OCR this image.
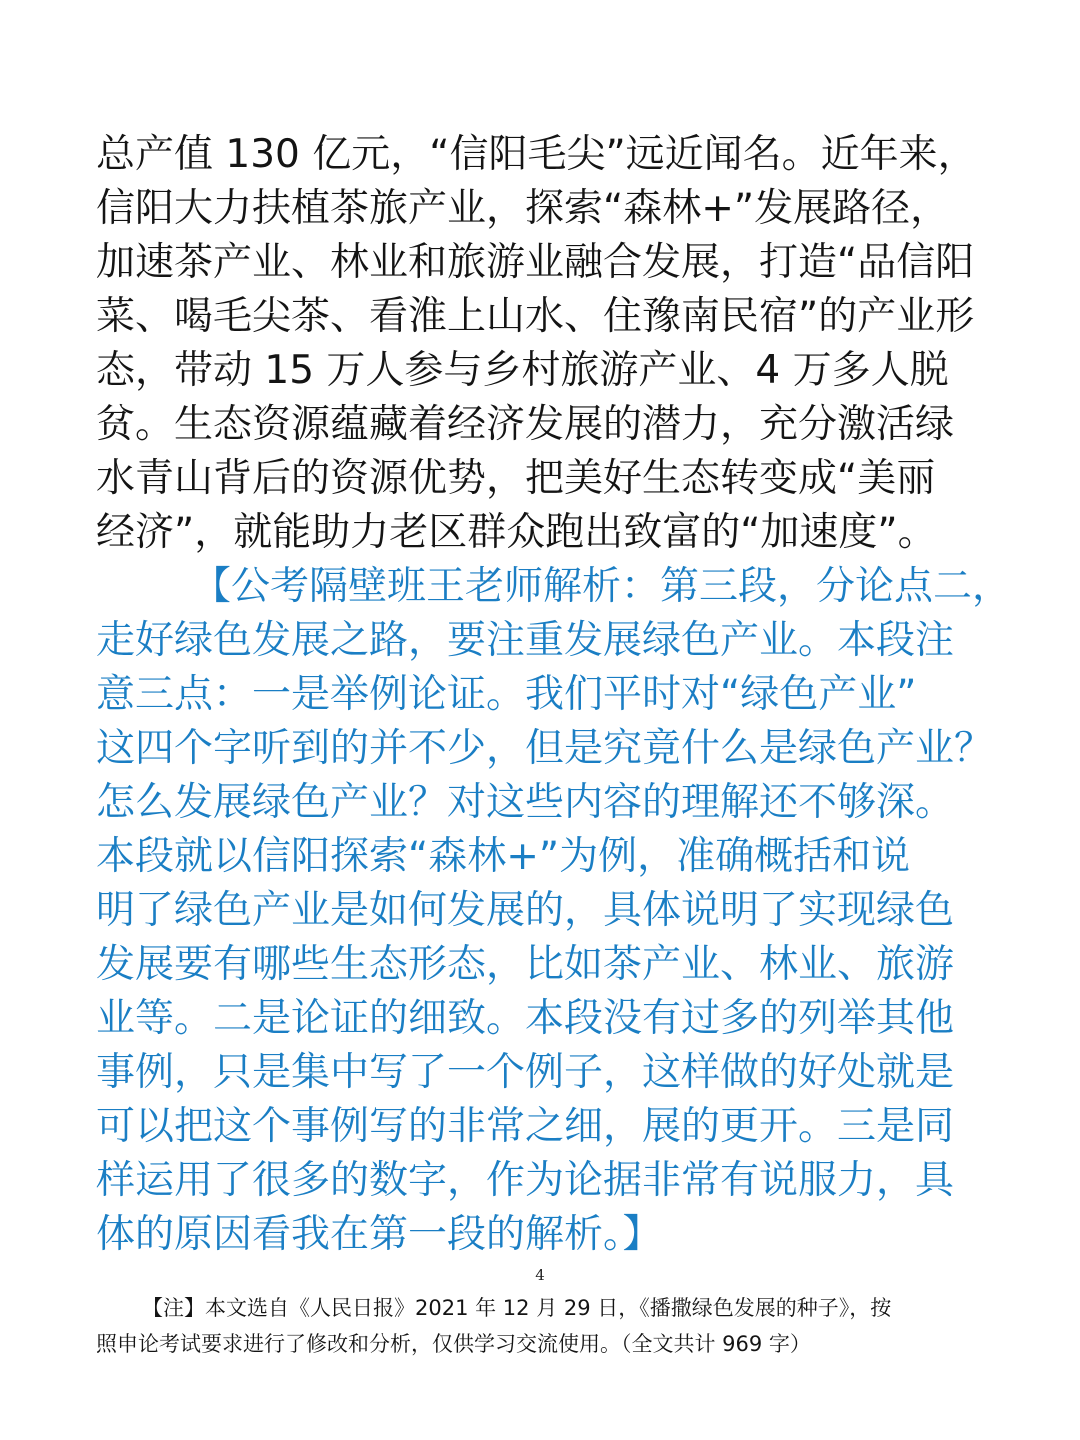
总产值 130 亿元，“信阳毛尖”远近闻名。近年来，
信阳大力扶植茶旅产业，探索“森林+”发展路径，
加速茶产业、林业和旅游业融合发展，打造“品信阳
菜、喝毛尖茶、看淮上山水、住豫南民宿”的产业形
态，带动 15 万人参与乡村旅游产业、4 万多人脱
贫。生态资源蕴藏着经济发展的潜力，充分激活绿
水青山背后的资源优势，把美好生态转变成“美丽
经济”，就能助力老区群众跑出致富的“加速度”。
【公考隔壁班王老师解析：第三段，分论点二，
走好绿色发展之路，要注重发展绿色产业。本段注
意三点：一是举例论证。我们平时对“绿色产业”
这四个字听到的并不少，但是究竟什么是绿色产业？
怎么发展绿色产业？对这些内容的理解还不够深。
本段就以信阳探索“森林+”为例，准确概括和说
明了绿色产业是如何发展的，具体说明了实现绿色
发展要有哪些生态形态，比如茶产业、林业、旅游
业等。二是论证的细致。本段没有过多的列举其他
事例，只是集中写了一个例子，这样做的好处就是
可以把这个事例写的非常之细，展的更开。三是同
样运用了很多的数字，作为论据非常有说服力，具
体的原因看我在第一段的解析。】
4
【注】本文选自《人民日报》2021 年 12 月 29 日，《播撒绿色发展的种子》，按
照申论考试要求进行了修改和分析，仅供学习交流使用。（全文共计 969 字）
